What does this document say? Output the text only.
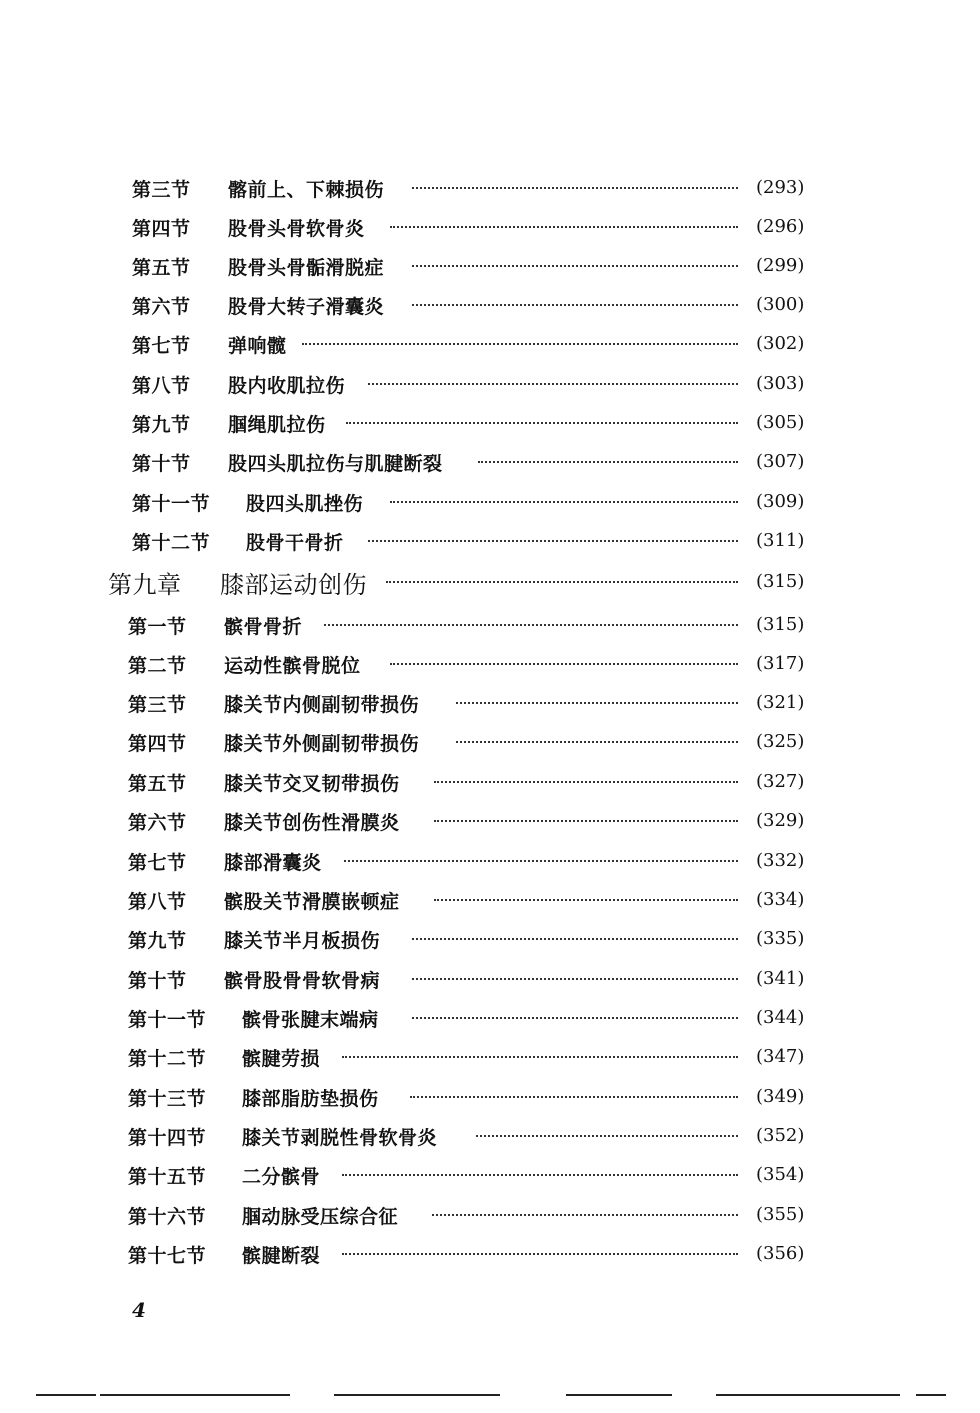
第三节 髂前上、下棘损伤	(293)
第四节 股骨头骨软骨炎	(296)
第五节 股骨头骨骺滑脱症	(299)
第六节 股骨大转子滑囊炎	(300)
第七节 弹响髋	(302)
第八节 股内收肌拉伤	(303)
第九节 腘绳肌拉伤	(305)
第十节 股四头肌拉伤与肌腱断裂	(307)
第十一节 股四头肌挫伤	(309)
第十二节 股骨干骨折	(311)
第九章 膝部运动创伤	(315)
第一节 髌骨骨折	(315)
第二节 运动性髌骨脱位	(317)
第三节 膝关节内侧副韧带损伤	(321)
第四节 膝关节外侧副韧带损伤	(325)
第五节 膝关节交叉韧带损伤	(327)
第六节 膝关节创伤性滑膜炎	(329)
第七节 膝部滑囊炎	(332)
第八节 髌股关节滑膜嵌顿症	(334)
第九节 膝关节半月板损伤	(335)
第十节 髌骨股骨骨软骨病	(341)
第十一节 髌骨张腱末端病	(344)
第十二节 髌腱劳损	(347)
第十三节 膝部脂肪垫损伤	(349)
第十四节 膝关节剥脱性骨软骨炎	(352)
第十五节 二分髌骨	(354)
第十六节 腘动脉受压综合征	(355)
第十七节 髌腱断裂	(356)
4
